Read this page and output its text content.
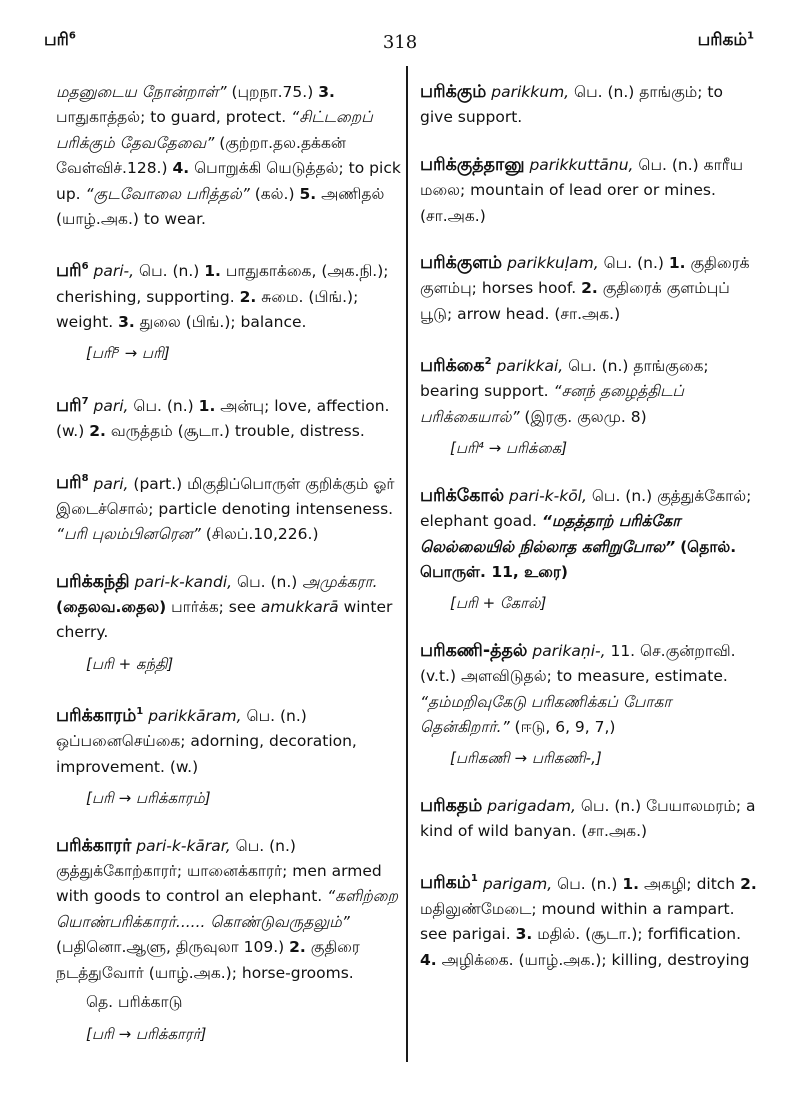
பரி$^6$	318	பரிகம்$^1$
மதனுடைய நோன்றாள்” (புறநா.75.) 3. பாதுகாத்தல்; to guard, protect. “சிட்டறைப் பரிக்கும் தேவதேவை” (குற்றா.தல.தக்கன் வேள்விச்.128.) 4. பொறுக்கி யெடுத்தல்; to pick up. “குடவோலை பரித்தல்” (கல்.) 5. அணிதல் (யாழ்.அக.) to wear.
பரி$^6$ pari-, பெ. (n.) 1. பாதுகாக்கை, (அக.நி.); cherishing, supporting. 2. சுமை. (பிங்.); weight. 3. துலை (பிங்.); balance.
[பரி⁵ → பரி]
பரி$^7$ pari, பெ. (n.) 1. அன்பு; love, affection. (w.) 2. வருத்தம் (சூடா.) trouble, distress.
பரி$^8$ pari, (part.) மிகுதிப்பொருள் குறிக்கும் ஓர் இடைச்சொல்; particle denoting intenseness. “பரி புலம்பினரென” (சிலப்.10,226.)
பரிக்கந்தி pari-k-kandi, பெ. (n.) அமுக்கரா. (தைலவ.தைல) பார்க்க; see amukkarā winter cherry.
[பரி + கந்தி]
பரிக்காரம்$^1$ parikkāram, பெ. (n.) ஒப்பனைசெய்கை; adorning, decoration, improvement. (w.)
[பரி → பரிக்காரம்]
பரிக்காரர் pari-k-kārar, பெ. (n.) குத்துக்கோற்காரர்; யானைக்காரர்; men armed with goods to control an elephant. “களிற்றை யொண்பரிக்காரர்...... கொண்டுவருதலும்” (பதினொ.ஆளு, திருவுலா 109.) 2. குதிரை நடத்துவோர் (யாழ்.அக.); horse-grooms.
தெ. பரிக்காடு
[பரி → பரிக்காரர்]
பரிக்கும் parikkum, பெ. (n.) தாங்கும்; to give support.
பரிக்குத்தானு parikkuttānu, பெ. (n.) காரீய மலை; mountain of lead orer or mines. (சா.அக.)
பரிக்குளம் parikkuḷam, பெ. (n.) 1. குதிரைக் குளம்பு; horses hoof. 2. குதிரைக் குளம்புப் பூடு; arrow head. (சா.அக.)
பரிக்கை$^2$ parikkai, பெ. (n.) தாங்குகை; bearing support. “சனந் தழைத்திடப் பரிக்கையால்” (இரகு. குலமு. 8)
[பரி⁴ → பரிக்கை]
பரிக்கோல் pari-k-kōl, பெ. (n.) குத்துக்கோல்; elephant goad. “மதத்தாற் பரிக்கோ லெல்லையில் நில்லாத களிறுபோல” (தொல். பொருள். 11, உரை)
[பரி + கோல்]
பரிகணி-த்தல் parikaṇi-, 11. செ.குன்றாவி. (v.t.) அளவிடுதல்; to measure, estimate. “தம்மறிவுகேடு பரிகணிக்கப் போகா தென்கிறார்.” (ஈடு, 6, 9, 7,)
[பரிகணி → பரிகணி-,]
பரிகதம் parigadam, பெ. (n.) பேயாலமரம்; a kind of wild banyan. (சா.அக.)
பரிகம்$^1$ parigam, பெ. (n.) 1. அகழி; ditch 2. மதிலுண்மேடை; mound within a rampart. see parigai. 3. மதில். (சூடா.); forfification. 4. அழிக்கை. (யாழ்.அக.); killing, destroying
